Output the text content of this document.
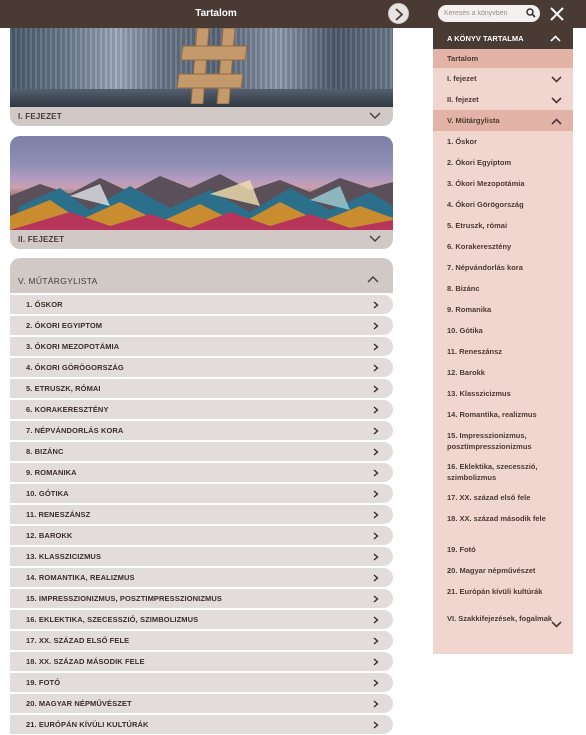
Tartalom
Keresés a könyvben
I. FEJEZET
II. FEJEZET
V. MŰTÁRGYLISTA
1. ŐSKOR
2. ÓKORI EGYIPTOM
3. ÓKORI MEZOPOTÁMIA
4. ÓKORI GÖRÖGORSZÁG
5. ETRUSZK, RÓMAI
6. KORAKERESZTÉNY
7. NÉPVÁNDORLÁS KORA
8. BIZÁNC
9. ROMANIKA
10. GÓTIKA
11. RENESZÁNSZ
12. BAROKK
13. KLASSZICIZMUS
14. ROMANTIKA, REALIZMUS
15. IMPRESSZIONIZMUS, POSZTIMPRESSZIONIZMUS
16. EKLEKTIKA, SZECESSZIÓ, SZIMBOLIZMUS
17. XX. SZÁZAD ELSŐ FELE
18. XX. SZÁZAD MÁSODIK FELE
19. FOTÓ
20. MAGYAR NÉPMŰVÉSZET
21. EURÓPÁN KÍVÜLI KULTÚRÁK
A KÖNYV TARTALMA
Tartalom
I. fejezet
II. fejezet
V. Műtárgylista
1. Őskor
2. Ókori Egyiptom
3. Ókori Mezopotámia
4. Ókori Görögország
5. Etruszk, római
6. Korakeresztény
7. Népvándorlás kora
8. Bizánc
9. Romanika
10. Gótika
11. Reneszánsz
12. Barokk
13. Klasszicizmus
14. Romantika, realizmus
15. Impresszionizmus, posztimpresszionizmus
16. Eklektika, szecesszió, szimbolizmus
17. XX. század első fele
18. XX. század második fele
19. Fotó
20. Magyar népművészet
21. Európán kívüli kultúrák
VI. Szakkifejezések, fogalmak
